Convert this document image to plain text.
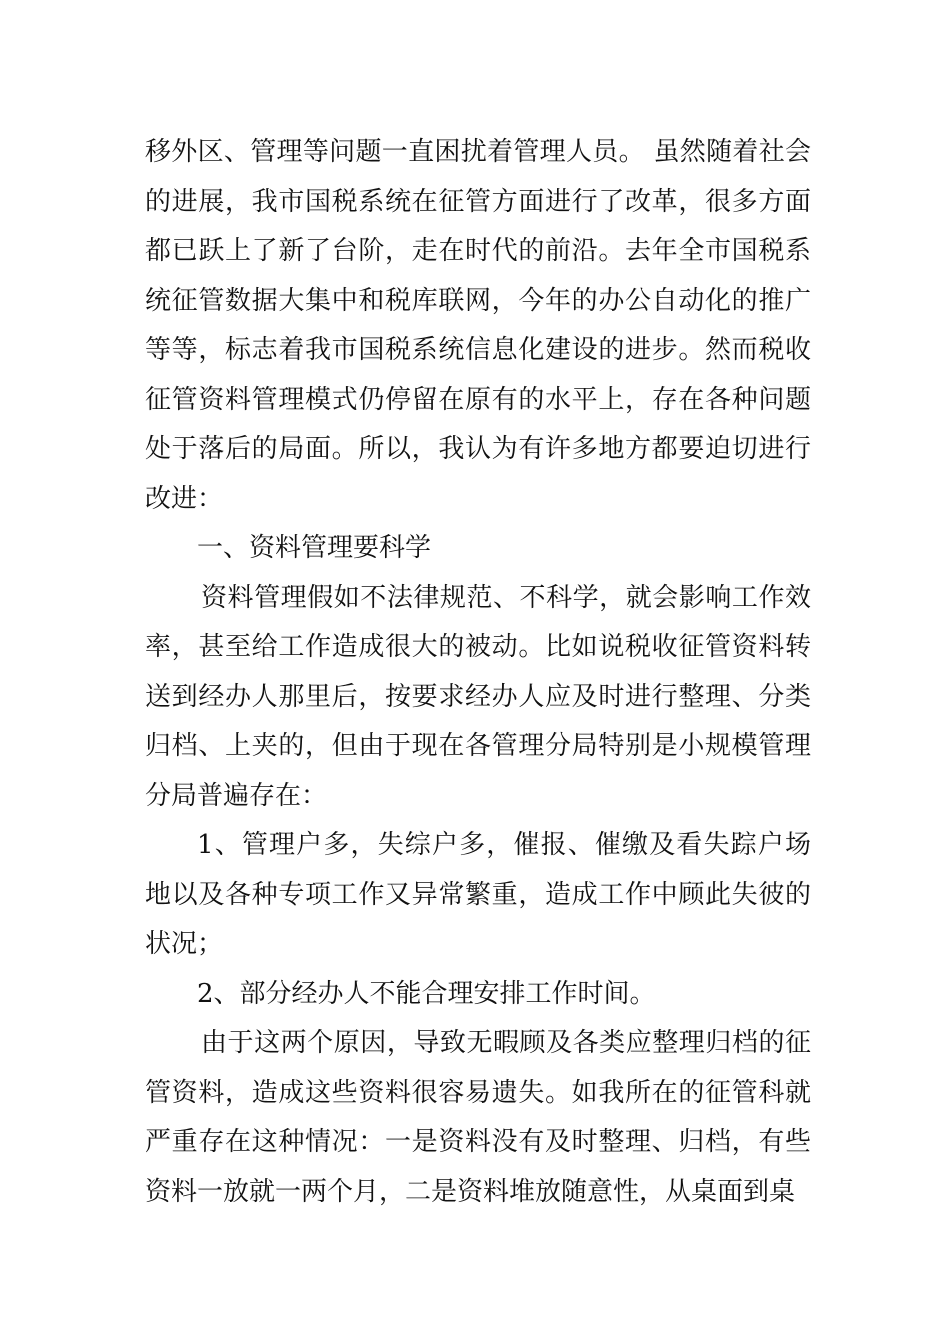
移外区、管理等问题一直困扰着管理人员。 虽然随着社会的进展，我市国税系统在征管方面进行了改革，很多方面都已跃上了新了台阶，走在时代的前沿。去年全市国税系统征管数据大集中和税库联网，今年的办公自动化的推广等等，标志着我市国税系统信息化建设的进步。然而税收征管资料管理模式仍停留在原有的水平上，存在各种问题处于落后的局面。所以，我认为有许多地方都要迫切进行改进：

一、资料管理要科学

资料管理假如不法律规范、不科学，就会影响工作效率，甚至给工作造成很大的被动。比如说税收征管资料转送到经办人那里后，按要求经办人应及时进行整理、分类归档、上夹的，但由于现在各管理分局特别是小规模管理分局普遍存在：

1、管理户多，失综户多，催报、催缴及看失踪户场地以及各种专项工作又异常繁重，造成工作中顾此失彼的状况；

2、部分经办人不能合理安排工作时间。

由于这两个原因，导致无暇顾及各类应整理归档的征管资料，造成这些资料很容易遗失。如我所在的征管科就严重存在这种情况：一是资料没有及时整理、归档，有些资料一放就一两个月，二是资料堆放随意性，从桌面到桌
